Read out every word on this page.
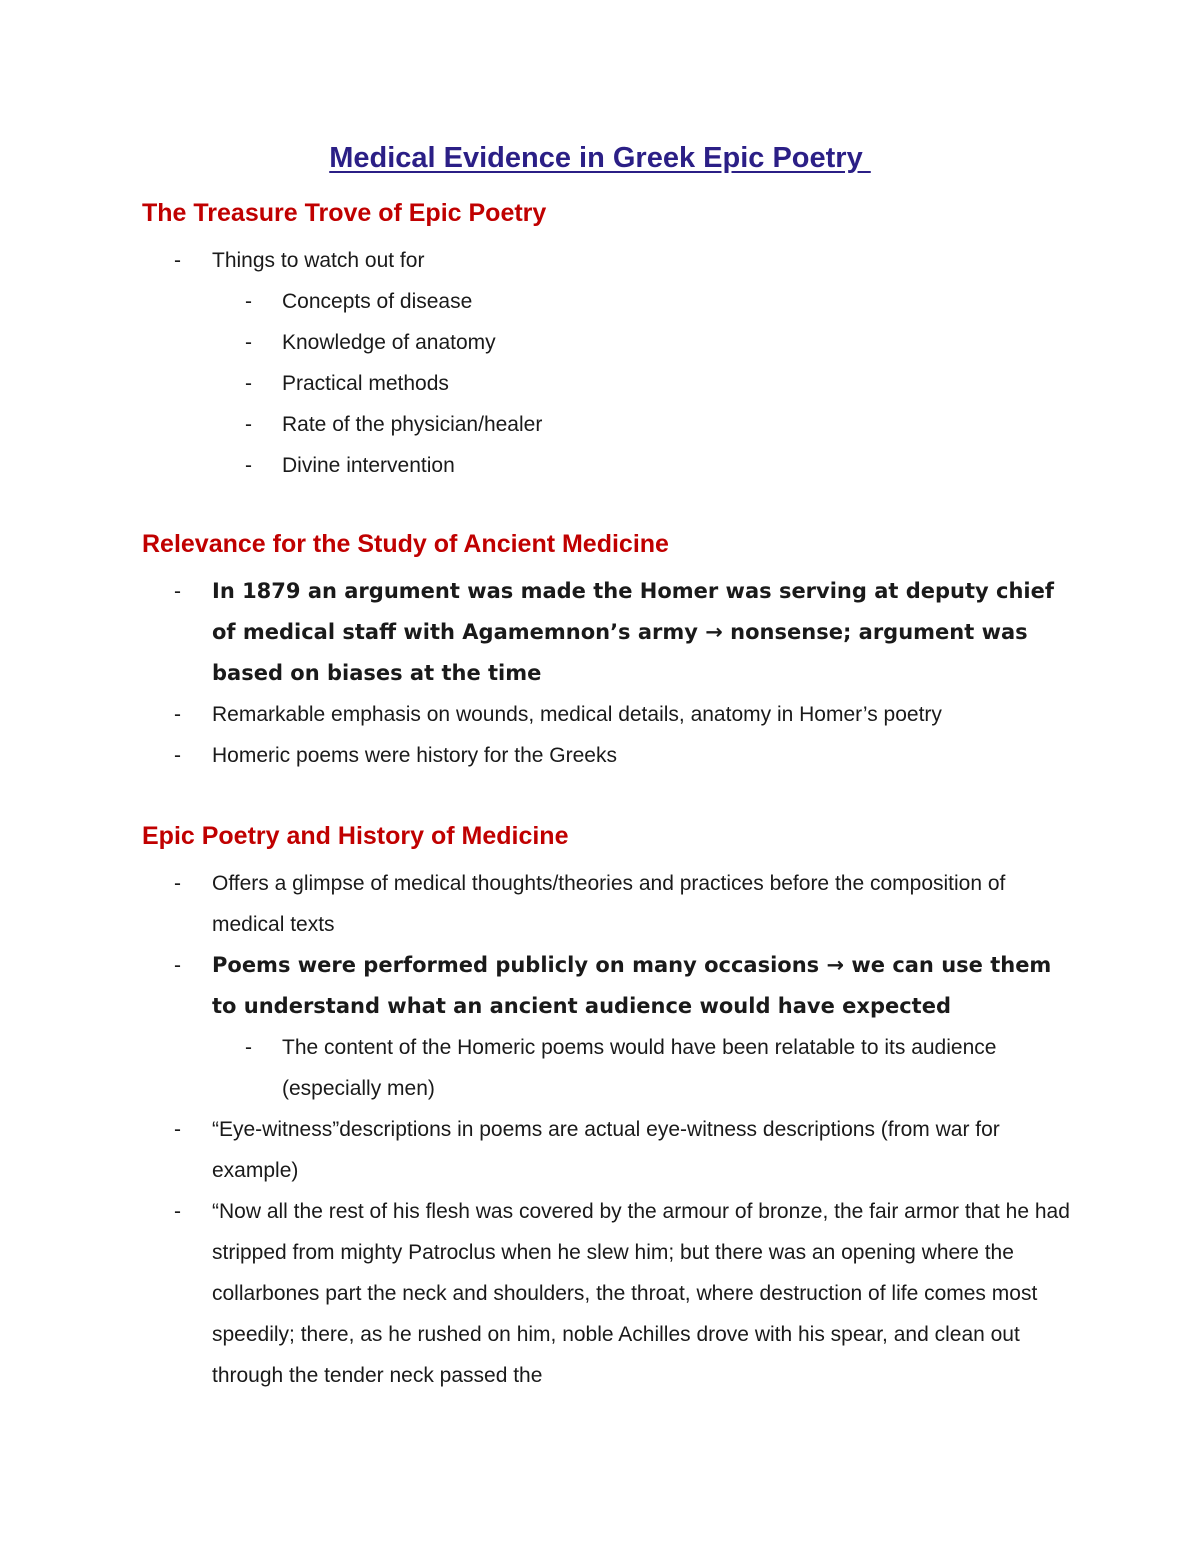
Medical Evidence in Greek Epic Poetry
The Treasure Trove of Epic Poetry
- Things to watch out for
- Concepts of disease
- Knowledge of anatomy
- Practical methods
- Rate of the physician/healer
- Divine intervention
Relevance for the Study of Ancient Medicine
- In 1879 an argument was made the Homer was serving at deputy chief of medical staff with Agamemnon’s army → nonsense; argument was based on biases at the time
- Remarkable emphasis on wounds, medical details, anatomy in Homer’s poetry
- Homeric poems were history for the Greeks
Epic Poetry and History of Medicine
- Offers a glimpse of medical thoughts/theories and practices before the composition of medical texts
- Poems were performed publicly on many occasions → we can use them to understand what an ancient audience would have expected
- The content of the Homeric poems would have been relatable to its audience (especially men)
- “Eye-witness”descriptions in poems are actual eye-witness descriptions (from war for example)
- “Now all the rest of his flesh was covered by the armour of bronze, the fair armor that he had stripped from mighty Patroclus when he slew him; but there was an opening where the collarbones part the neck and shoulders, the throat, where destruction of life comes most speedily; there, as he rushed on him, noble Achilles drove with his spear, and clean out through the tender neck passed the
